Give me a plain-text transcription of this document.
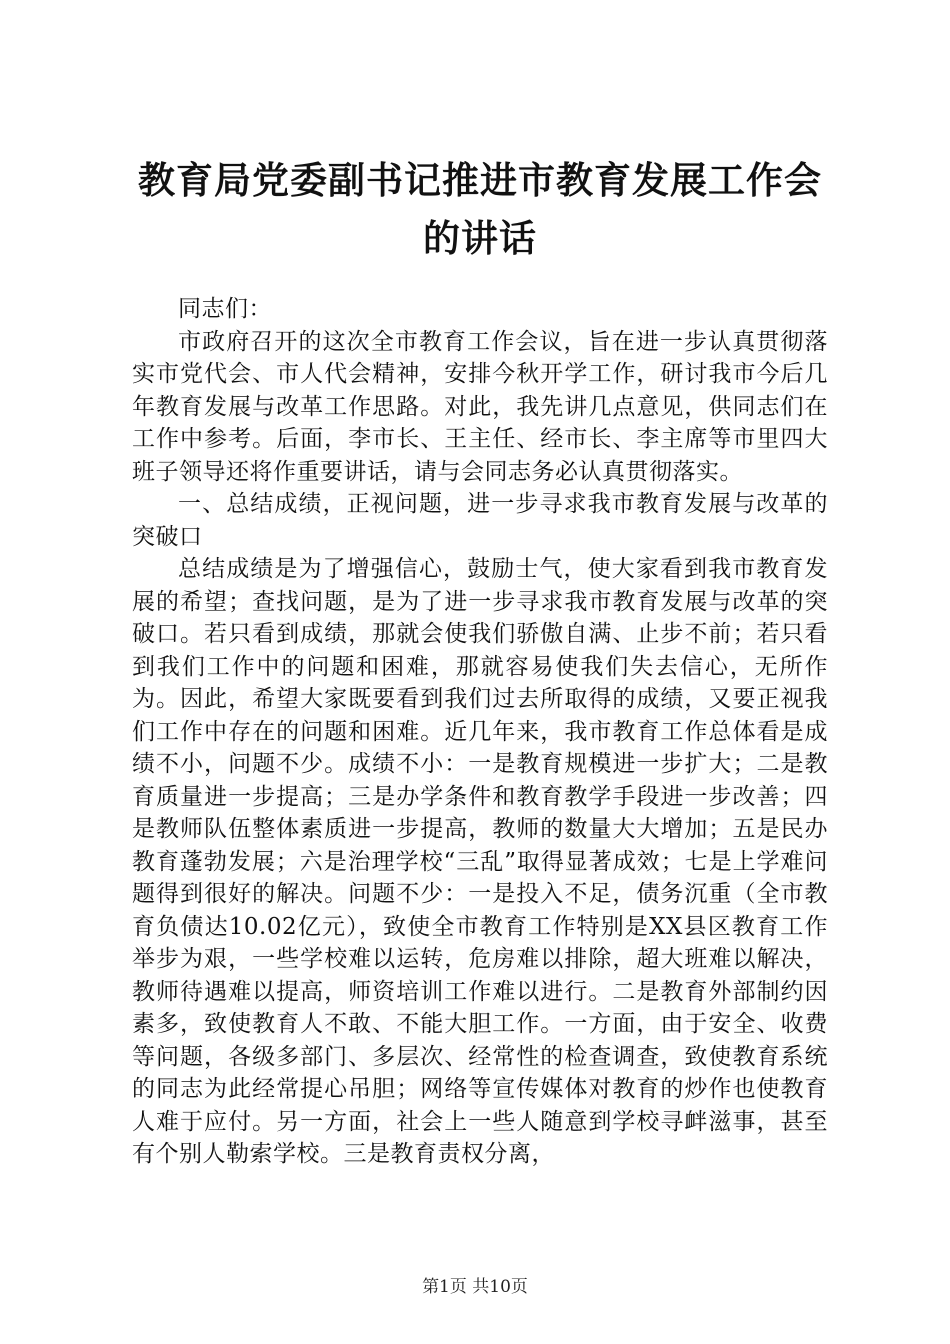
教育局党委副书记推进市教育发展工作会的讲话

同志们：

市政府召开的这次全市教育工作会议，旨在进一步认真贯彻落实市党代会、市人代会精神，安排今秋开学工作，研讨我市今后几年教育发展与改革工作思路。对此，我先讲几点意见，供同志们在工作中参考。后面，李市长、王主任、经市长、李主席等市里四大班子领导还将作重要讲话，请与会同志务必认真贯彻落实。

一、总结成绩，正视问题，进一步寻求我市教育发展与改革的突破口

总结成绩是为了增强信心，鼓励士气，使大家看到我市教育发展的希望；查找问题，是为了进一步寻求我市教育发展与改革的突破口。若只看到成绩，那就会使我们骄傲自满、止步不前；若只看到我们工作中的问题和困难，那就容易使我们失去信心，无所作为。因此，希望大家既要看到我们过去所取得的成绩，又要正视我们工作中存在的问题和困难。近几年来，我市教育工作总体看是成绩不小，问题不少。成绩不小：一是教育规模进一步扩大；二是教育质量进一步提高；三是办学条件和教育教学手段进一步改善；四是教师队伍整体素质进一步提高，教师的数量大大增加；五是民办教育蓬勃发展；六是治理学校“三乱”取得显著成效；七是上学难问题得到很好的解决。问题不少：一是投入不足，债务沉重（全市教育负债达10.02亿元），致使全市教育工作特别是XX县区教育工作举步为艰，一些学校难以运转，危房难以排除，超大班难以解决，教师待遇难以提高，师资培训工作难以进行。二是教育外部制约因素多，致使教育人不敢、不能大胆工作。一方面，由于安全、收费等问题，各级多部门、多层次、经常性的检查调查，致使教育系统的同志为此经常提心吊胆；网络等宣传媒体对教育的炒作也使教育人难于应付。另一方面，社会上一些人随意到学校寻衅滋事，甚至有个别人勒索学校。三是教育责权分离，

第1页 共10页
